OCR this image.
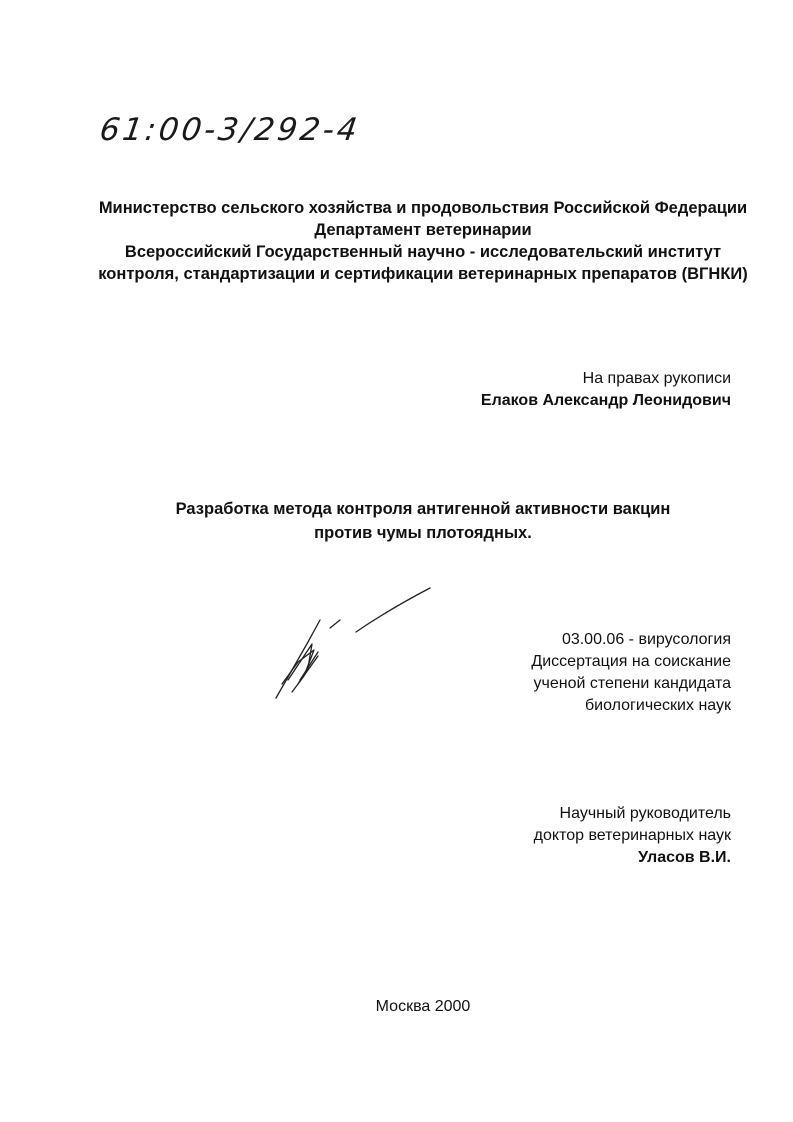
61:00-3/292-4
Министерство сельского хозяйства и продовольствия Российской Федерации
Департамент ветеринарии
Всероссийский Государственный научно - исследовательский институт
контроля, стандартизации и сертификации ветеринарных препаратов (ВГНКИ)
На правах рукописи
Елаков Александр Леонидович
Разработка метода контроля антигенной активности вакцин
против чумы плотоядных.
03.00.06 - вирусология
Диссертация на соискание
ученой степени кандидата
биологических наук
Научный руководитель
доктор ветеринарных наук
Уласов В.И.
Москва 2000
